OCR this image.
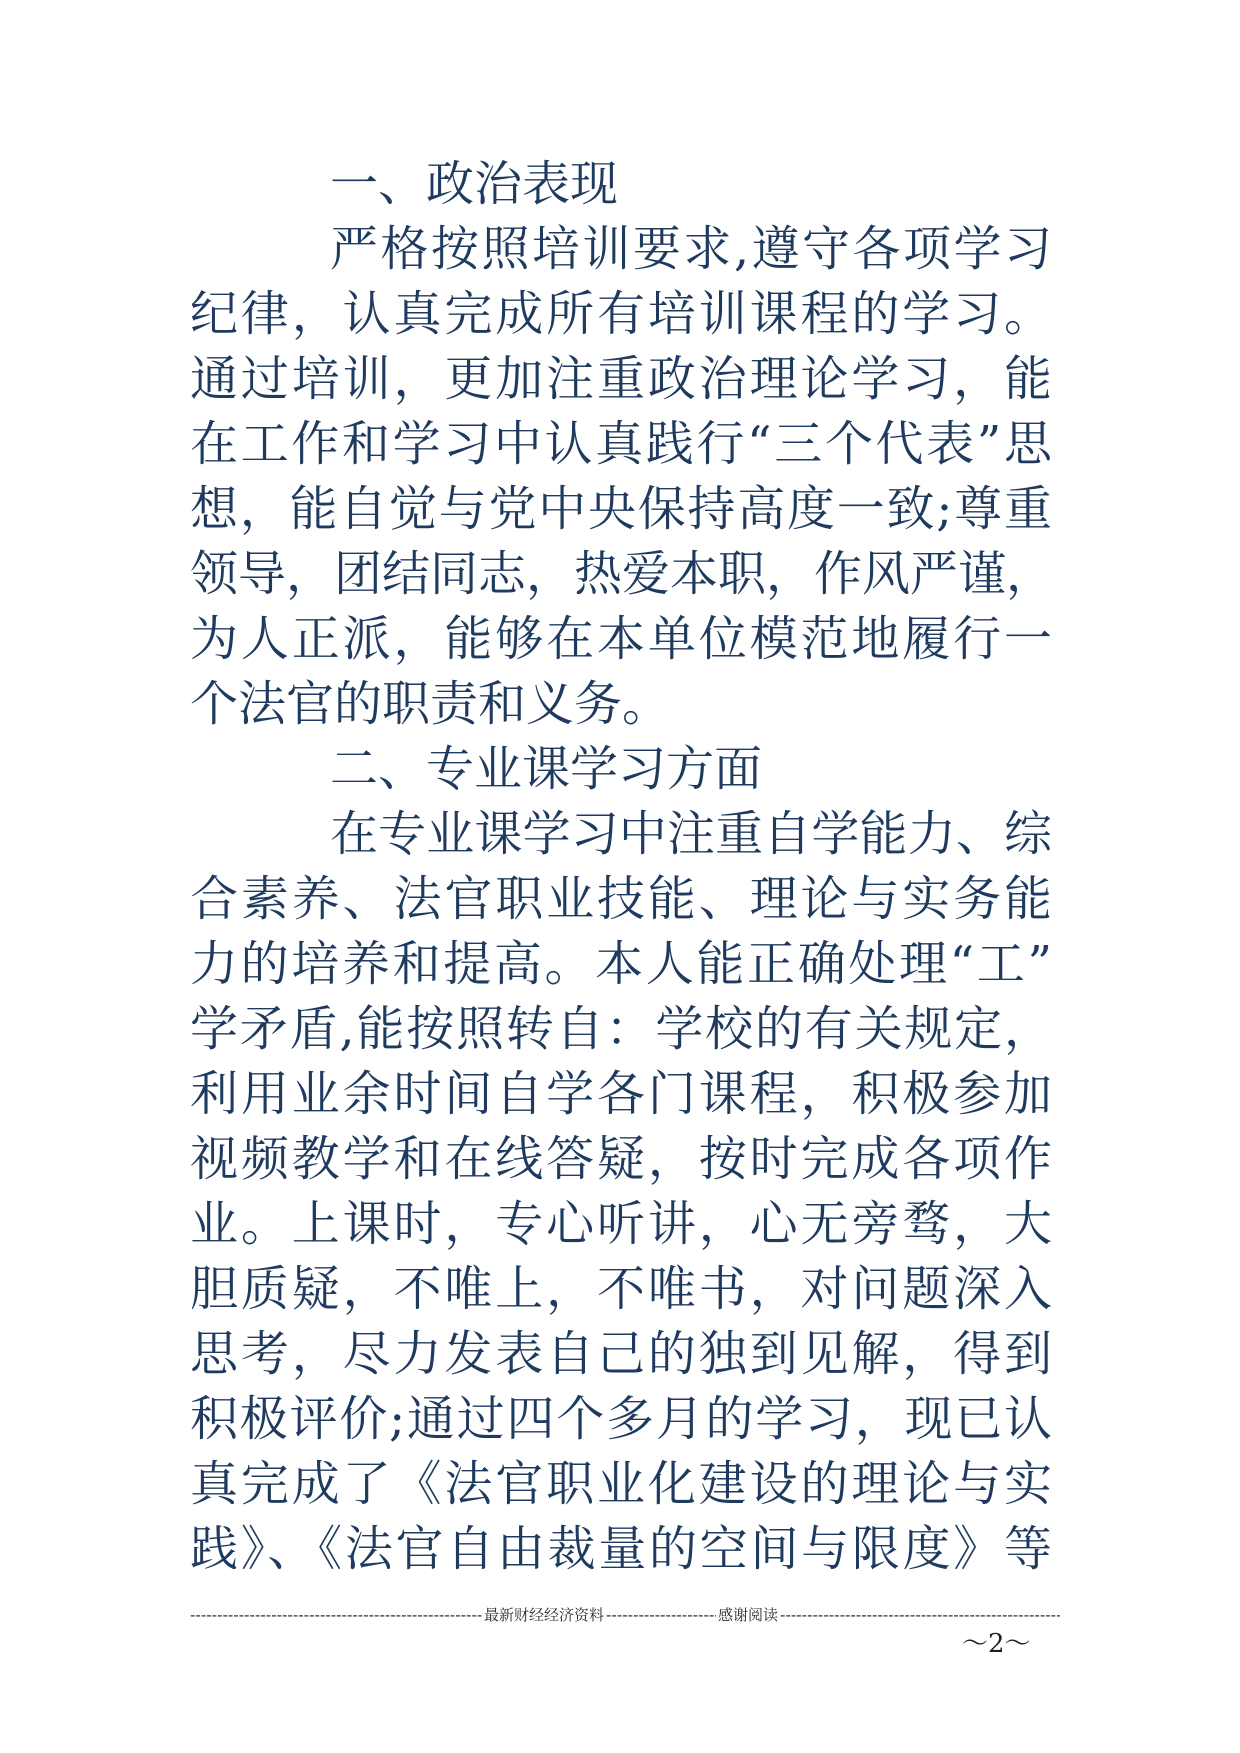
一、政治表现
严格按照培训要求,遵守各项学习
纪律，认真完成所有培训课程的学习。
通过培训，更加注重政治理论学习，能
在工作和学习中认真践行“三个代表”思
想，能自觉与党中央保持高度一致;尊重
领导，团结同志，热爱本职，作风严谨，
为人正派，能够在本单位模范地履行一
个法官的职责和义务。
二、专业课学习方面
在专业课学习中注重自学能力、综
合素养、法官职业技能、理论与实务能
力的培养和提高。本人能正确处理“工”
学矛盾,能按照转自：学校的有关规定，
利用业余时间自学各门课程，积极参加
视频教学和在线答疑，按时完成各项作
业。上课时，专心听讲，心无旁骛，大
胆质疑，不唯上，不唯书，对问题深入
思考，尽力发表自己的独到见解，得到
积极评价;通过四个多月的学习，现已认
真完成了《法官职业化建设的理论与实
践》、《法官自由裁量的空间与限度》等
-----
最新财经经济资料
-----	感谢阅读
-----
～2～
